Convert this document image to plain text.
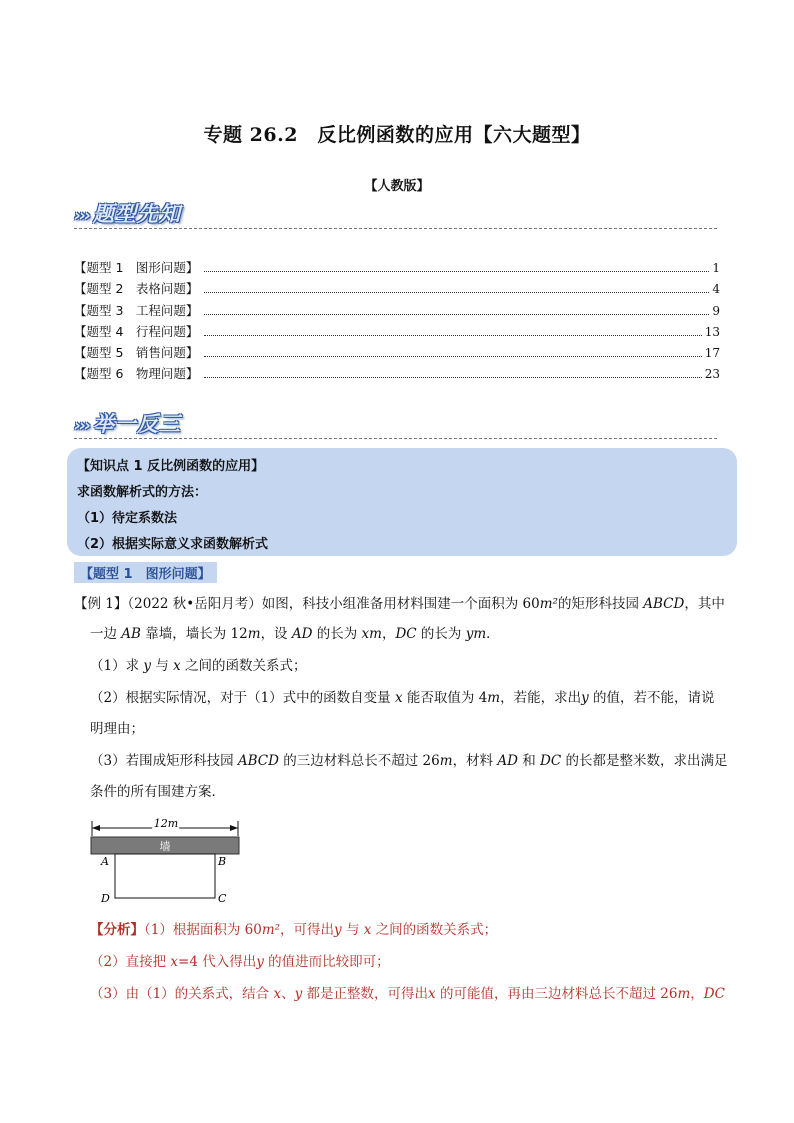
专题 26.2　反比例函数的应用【六大题型】
【人教版】
››› 题型先知
【题型 1　图形问题】	1
【题型 2　表格问题】	4
【题型 3　工程问题】	9
【题型 4　行程问题】	13
【题型 5　销售问题】	17
【题型 6　物理问题】	23
››› 举一反三
【知识点 1 反比例函数的应用】
求函数解析式的方法：
（1）待定系数法
（2）根据实际意义求函数解析式
【题型 1　图形问题】
【例 1】（2022 秋•岳阳月考）如图，科技小组准备用材料围建一个面积为 60m²的矩形科技园 ABCD，其中
一边 AB 靠墙，墙长为 12m，设 AD 的长为 xm，DC 的长为 ym．
（1）求 y 与 x 之间的函数关系式；
（2）根据实际情况，对于（1）式中的函数自变量 x 能否取值为 4m，若能，求出y 的值，若不能，请说
明理由；
（3）若围成矩形科技园 ABCD 的三边材料总长不超过 26m，材料 AD 和 DC 的长都是整米数，求出满足
条件的所有围建方案．
12m
墙
A	B
D	C
【分析】（1）根据面积为 60m²，可得出y 与 x 之间的函数关系式；
（2）直接把 x=4 代入得出y 的值进而比较即可；
（3）由（1）的关系式，结合 x、y 都是正整数，可得出x 的可能值，再由三边材料总长不超过 26m，DC
